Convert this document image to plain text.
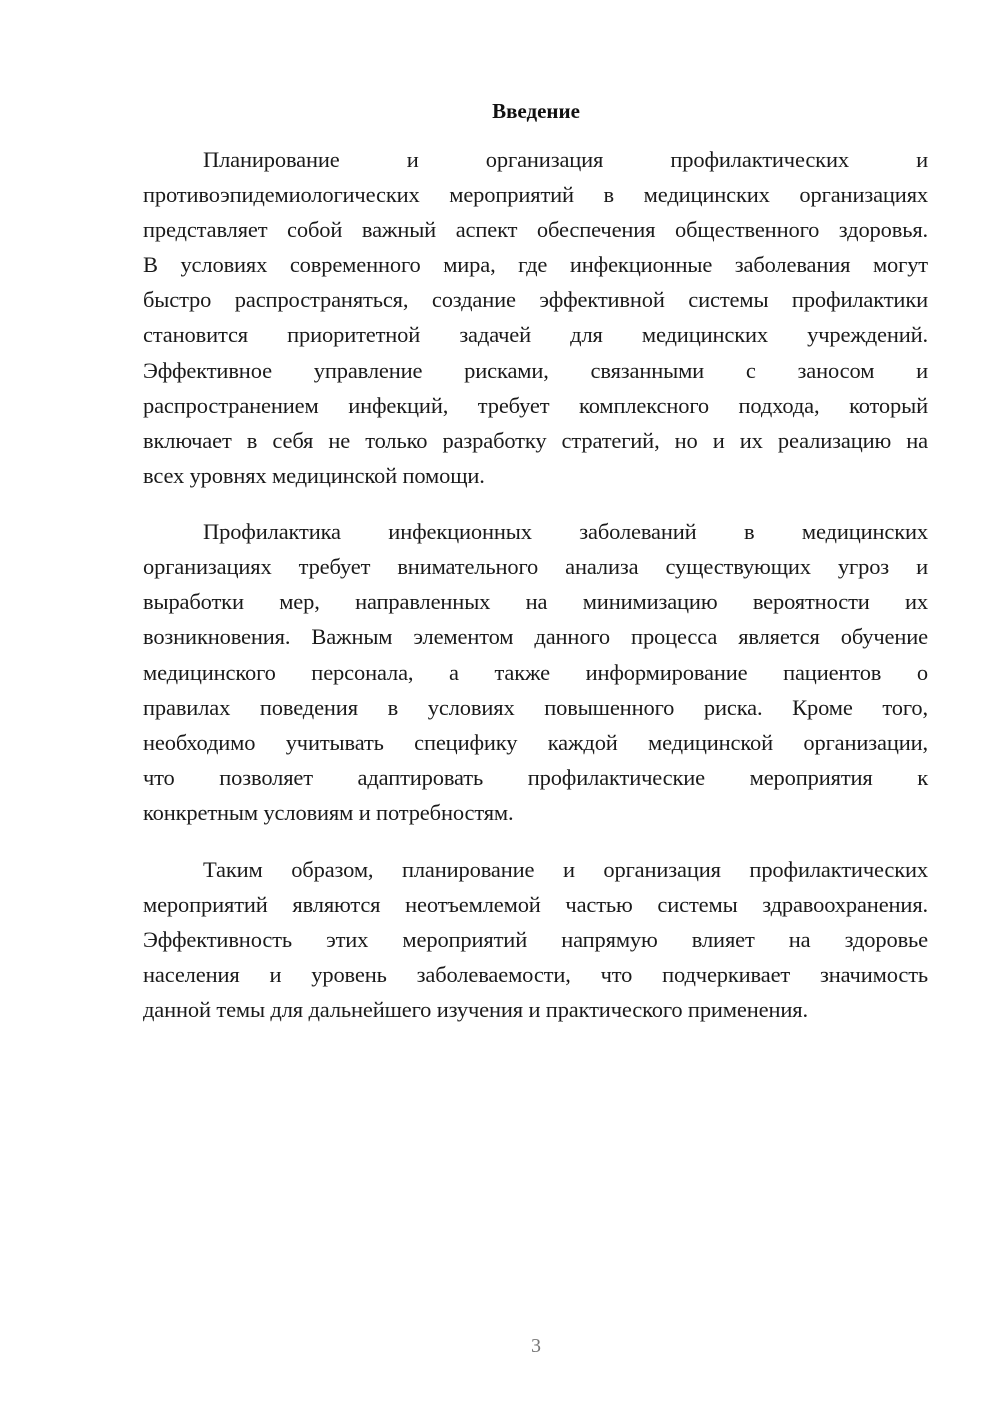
Введение
Планирование и организация профилактических и
противоэпидемиологических мероприятий в медицинских организациях
представляет собой важный аспект обеспечения общественного здоровья.
В условиях современного мира, где инфекционные заболевания могут
быстро распространяться, создание эффективной системы профилактики
становится приоритетной задачей для медицинских учреждений.
Эффективное управление рисками, связанными с заносом и
распространением инфекций, требует комплексного подхода, который
включает в себя не только разработку стратегий, но и их реализацию на
всех уровнях медицинской помощи.
Профилактика инфекционных заболеваний в медицинских
организациях требует внимательного анализа существующих угроз и
выработки мер, направленных на минимизацию вероятности их
возникновения. Важным элементом данного процесса является обучение
медицинского персонала, а также информирование пациентов о
правилах поведения в условиях повышенного риска. Кроме того,
необходимо учитывать специфику каждой медицинской организации,
что позволяет адаптировать профилактические мероприятия к
конкретным условиям и потребностям.
Таким образом, планирование и организация профилактических
мероприятий являются неотъемлемой частью системы здравоохранения.
Эффективность этих мероприятий напрямую влияет на здоровье
населения и уровень заболеваемости, что подчеркивает значимость
данной темы для дальнейшего изучения и практического применения.
3
